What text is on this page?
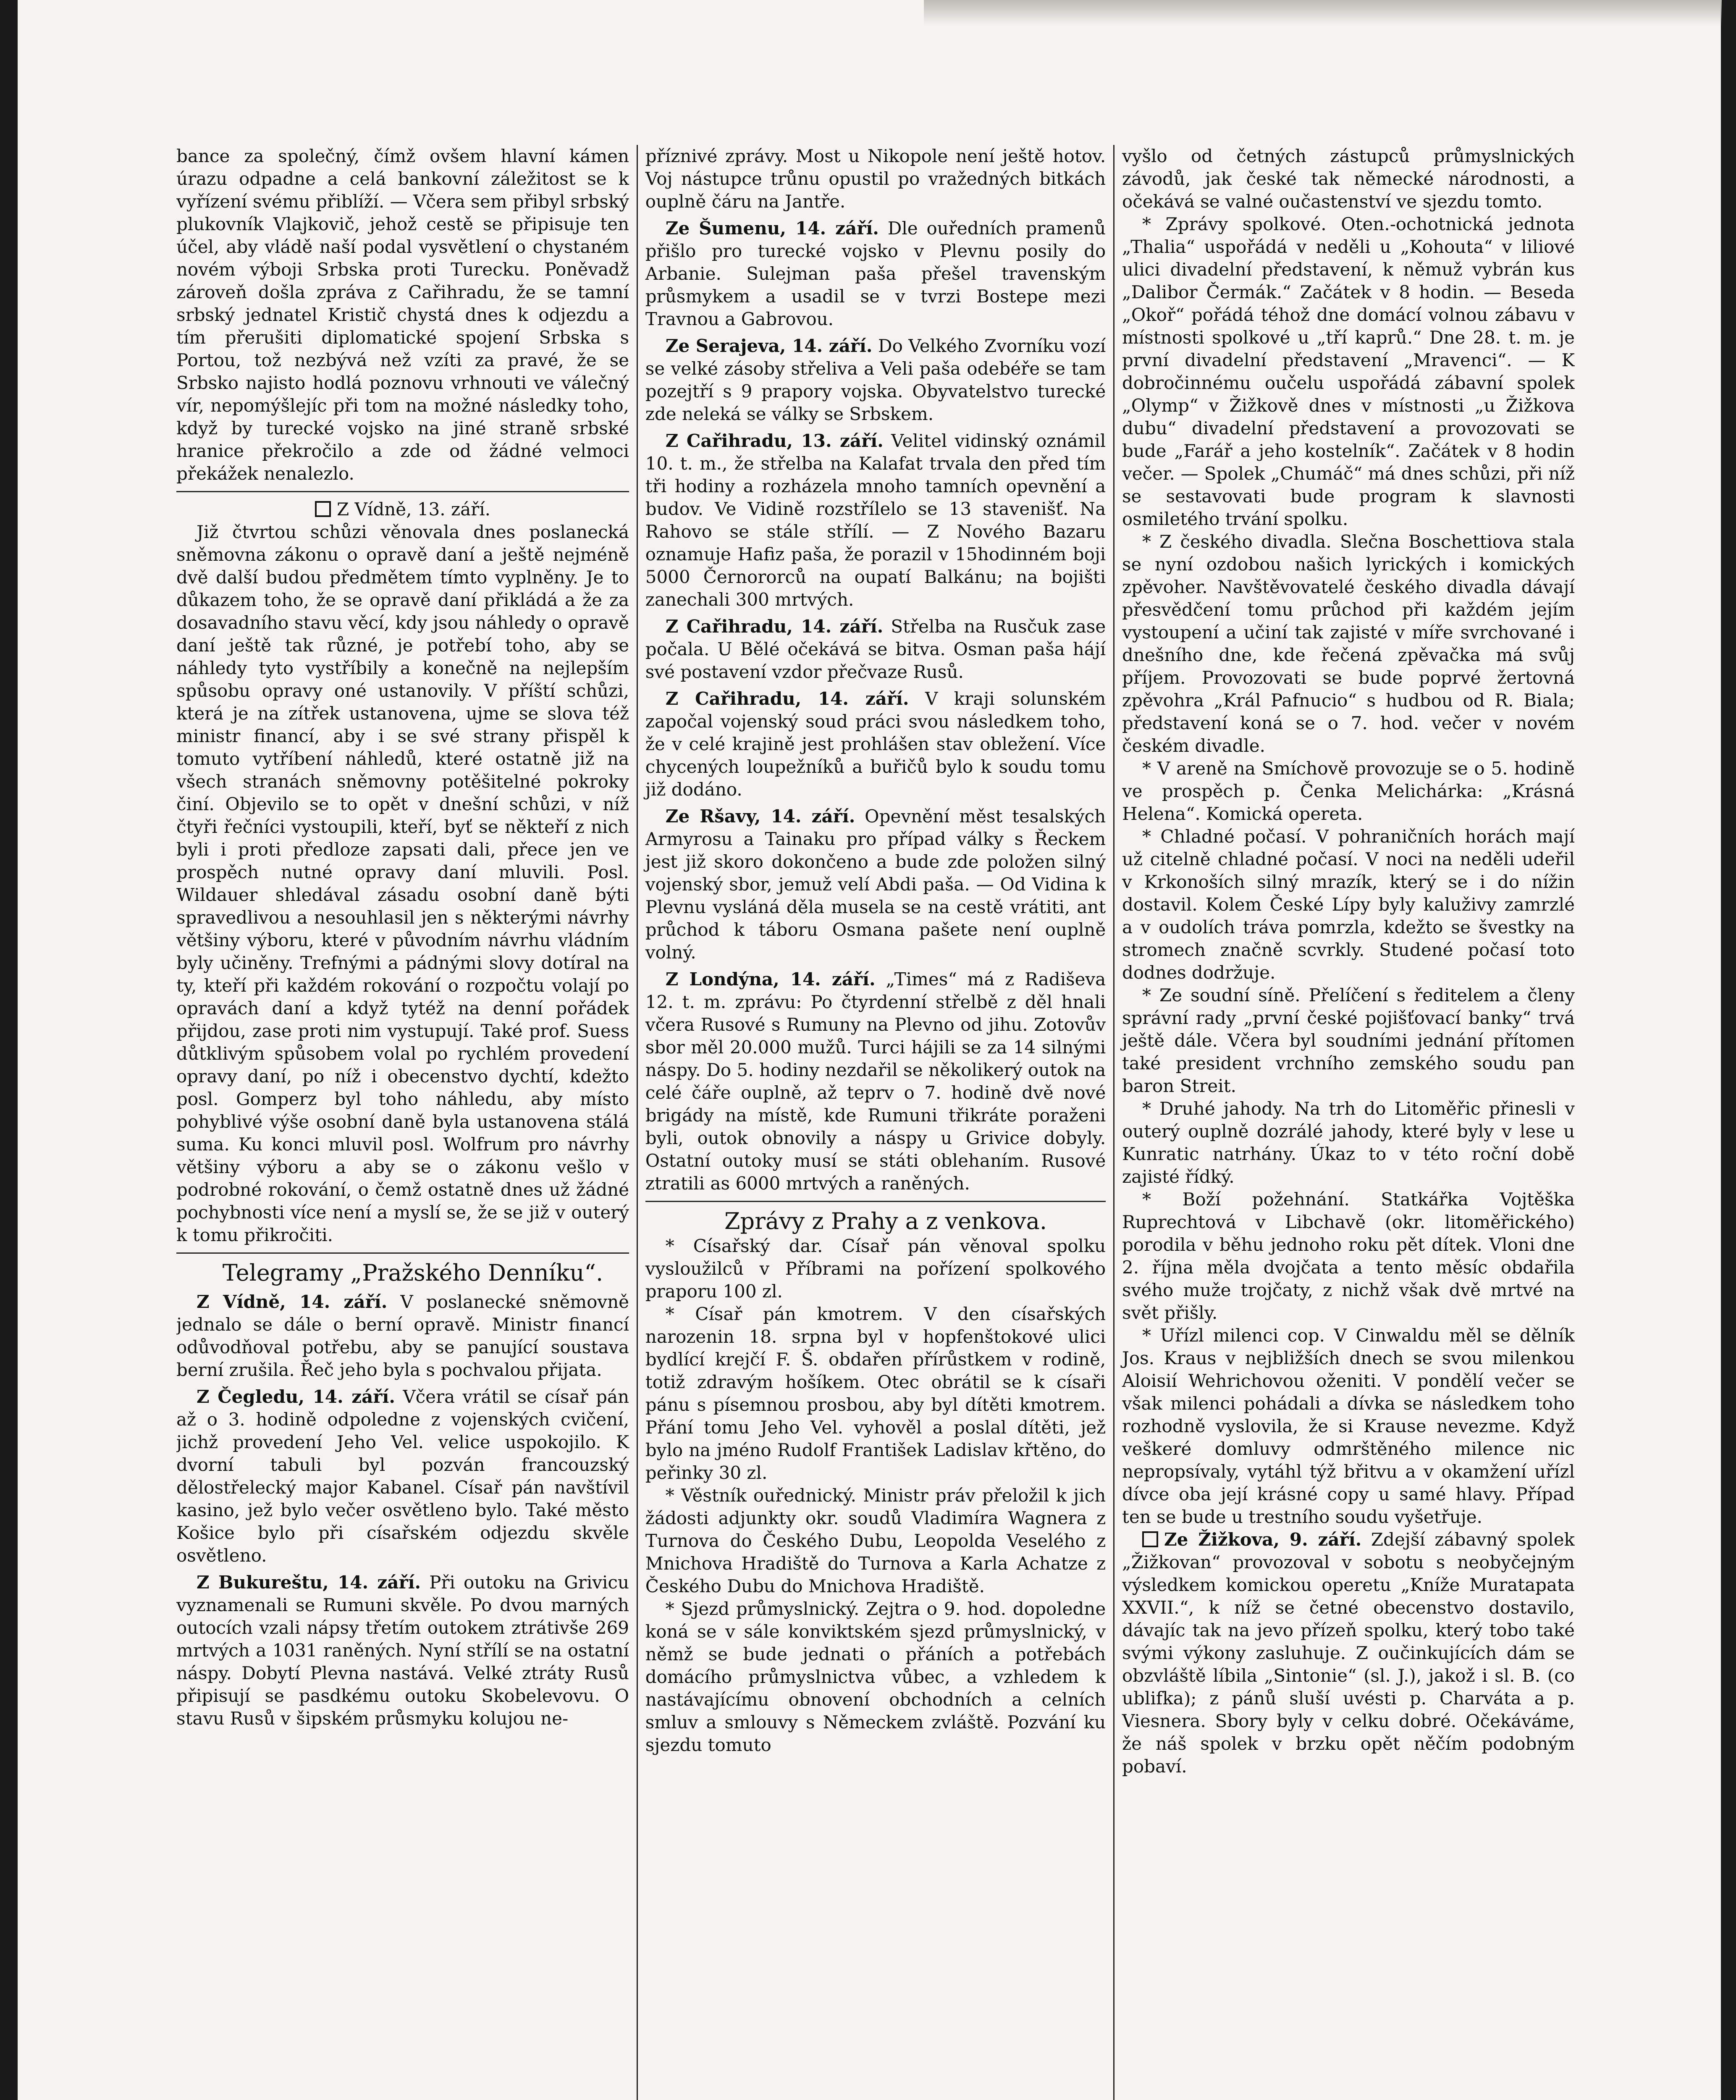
bance za společný, čímž ovšem hlavní kámen úrazu odpadne a celá bankovní záležitost se k vyřízení svému přiblíží. — Včera sem přibyl srbský plukovník Vlajkovič, jehož cestě se připisuje ten účel, aby vládě naší podal vysvětlení o chystaném novém výboji Srbska proti Turecku. Poněvadž zároveň došla zpráva z Cařihradu, že se tamní srbský jednatel Kristič chystá dnes k odjezdu a tím přerušiti diplomatické spojení Srbska s Portou, tož nezbývá než vzíti za pravé, že se Srbsko najisto hodlá poznovu vrhnouti ve válečný vír, nepomýšlejíc při tom na možné následky toho, když by turecké vojsko na jiné straně srbské hranice překročilo a zde od žádné velmoci překážek nenalezlo.

Z Vídně, 13. září.

Již čtvrtou schůzi věnovala dnes poslanecká sněmovna zákonu o opravě daní a ještě nejméně dvě další budou předmětem tímto vyplněny. Je to důkazem toho, že se opravě daní přikládá a že za dosavadního stavu věcí, kdy jsou náhledy o opravě daní ještě tak různé, je potřebí toho, aby se náhledy tyto vystříbily a konečně na nejlepším spůsobu opravy oné ustanovily. V příští schůzi, která je na zítřek ustanovena, ujme se slova též ministr financí, aby i se své strany přispěl k tomuto vytříbení náhledů, které ostatně již na všech stranách sněmovny potěšitelné pokroky činí. Objevilo se to opět v dnešní schůzi, v níž čtyři řečníci vystoupili, kteří, byť se někteří z nich byli i proti předloze zapsati dali, přece jen ve prospěch nutné opravy daní mluvili. Posl. Wildauer shledával zásadu osobní daně býti spravedlivou a nesouhlasil jen s některými návrhy většiny výboru, které v původním návrhu vládním byly učiněny. Trefnými a pádnými slovy dotíral na ty, kteří při každém rokování o rozpočtu volají po opravách daní a když tytéž na denní pořádek přijdou, zase proti nim vystupují. Také prof. Suess důtklivým spůsobem volal po rychlém provedení opravy daní, po níž i obecenstvo dychtí, kdežto posl. Gomperz byl toho náhledu, aby místo pohyblivé výše osobní daně byla ustanovena stálá suma. Ku konci mluvil posl. Wolfrum pro návrhy většiny výboru a aby se o zákonu vešlo v podrobné rokování, o čemž ostatně dnes už žádné pochybnosti více není a myslí se, že se již v outerý k tomu přikročiti.

Telegramy „Pražského Denníku“.

Z Vídně, 14. září. V poslanecké sněmovně jednalo se dále o berní opravě. Ministr financí odůvodňoval potřebu, aby se panující soustava berní zrušila. Řeč jeho byla s pochvalou přijata.

Z Čegledu, 14. září. Včera vrátil se císař pán až o 3. hodině odpoledne z vojenských cvičení, jichž provedení Jeho Vel. velice uspokojilo. K dvorní tabuli byl pozván francouzský dělostřelecký major Kabanel. Císař pán navštívil kasino, jež bylo večer osvětleno bylo. Také město Košice bylo při císařském odjezdu skvěle osvětleno.

Z Bukureštu, 14. září. Při outoku na Grivicu vyznamenali se Rumuni skvěle. Po dvou marných outocích vzali nápsy třetím outokem ztrátivše 269 mrtvých a 1031 raněných. Nyní střílí se na ostatní náspy. Dobytí Plevna nastává. Velké ztráty Rusů připisují se pasdkému outoku Skobelevovu. O stavu Rusů v šipském průsmyku kolujou ne-

příznivé zprávy. Most u Nikopole není ještě hotov. Voj nástupce trůnu opustil po vražedných bitkách ouplně čáru na Jantře.

Ze Šumenu, 14. září. Dle ouředních pramenů přišlo pro turecké vojsko v Plevnu posily do Arbanie. Sulejman paša přešel travenským průsmykem a usadil se v tvrzi Bostepe mezi Travnou a Gabrovou.

Ze Serajeva, 14. září. Do Velkého Zvorníku vozí se velké zásoby střeliva a Veli paša odebéře se tam pozejtří s 9 prapory vojska. Obyvatelstvo turecké zde neleká se války se Srbskem.

Z Cařihradu, 13. září. Velitel vidinský oznámil 10. t. m., že střelba na Kalafat trvala den před tím tři hodiny a rozházela mnoho tamních opevnění a budov. Ve Vidině rozstřílelo se 13 stavenišť. Na Rahovo se stále střílí. — Z Nového Bazaru oznamuje Hafiz paša, že porazil v 15hodinném boji 5000 Černororců na oupatí Balkánu; na bojišti zanechali 300 mrtvých.

Z Cařihradu, 14. září. Střelba na Rusčuk zase počala. U Bělé očekává se bitva. Osman paša hájí své postavení vzdor přečvaze Rusů.

Z Cařihradu, 14. září. V kraji solunském započal vojenský soud práci svou následkem toho, že v celé krajině jest prohlášen stav obležení. Více chycených loupežníků a buřičů bylo k soudu tomu již dodáno.

Ze Ršavy, 14. září. Opevnění měst tesalských Armyrosu a Tainaku pro případ války s Řeckem jest již skoro dokončeno a bude zde položen silný vojenský sbor, jemuž velí Abdi paša. — Od Vidina k Plevnu vysláná děla musela se na cestě vrátiti, ant průchod k táboru Osmana pašete není ouplně volný.

Z Londýna, 14. září. „Times“ má z Radiševa 12. t. m. zprávu: Po čtyrdenní střelbě z děl hnali včera Rusové s Rumuny na Plevno od jihu. Zotovův sbor měl 20.000 mužů. Turci hájili se za 14 silnými náspy. Do 5. hodiny nezdařil se několikerý outok na celé čáře ouplně, až teprv o 7. hodině dvě nové brigády na místě, kde Rumuni třikráte poraženi byli, outok obnovily a náspy u Grivice dobyly. Ostatní outoky musí se státi oblehaním. Rusové ztratili as 6000 mrtvých a raněných.

Zprávy z Prahy a z venkova.

* Císařský dar. Císař pán věnoval spolku vysloužilců v Příbrami na pořízení spolkového praporu 100 zl.

* Císař pán kmotrem. V den císařských narozenin 18. srpna byl v hopfenštokové ulici bydlící krejčí F. Š. obdařen přírůstkem v rodině, totiž zdravým hošíkem. Otec obrátil se k císaři pánu s písemnou prosbou, aby byl dítěti kmotrem. Přání tomu Jeho Vel. vyhověl a poslal dítěti, jež bylo na jméno Rudolf František Ladislav křtěno, do peřinky 30 zl.

* Věstník ouřednický. Ministr práv přeložil k jich žádosti adjunkty okr. soudů Vladimíra Wagnera z Turnova do Českého Dubu, Leopolda Veselého z Mnichova Hradiště do Turnova a Karla Achatze z Českého Dubu do Mnichova Hradiště.

* Sjezd průmyslnický. Zejtra o 9. hod. dopoledne koná se v sále konviktském sjezd průmyslnický, v němž se bude jednati o přáních a potřebách domácího průmyslnictva vůbec, a vzhledem k nastávajícímu obnovení obchodních a celních smluv a smlouvy s Německem zvláště. Pozvání ku sjezdu tomuto

vyšlo od četných zástupců průmyslnických závodů, jak české tak německé národnosti, a očekává se valné oučastenství ve sjezdu tomto.

* Zprávy spolkové. Oten.-ochotnická jednota „Thalia“ uspořádá v neděli u „Kohouta“ v liliové ulici divadelní představení, k němuž vybrán kus „Dalibor Čermák.“ Začátek v 8 hodin. — Beseda „Okoř“ pořádá téhož dne domácí volnou zábavu v místnosti spolkové u „tří kaprů.“ Dne 28. t. m. je první divadelní představení „Mravenci“. — K dobročinnému oučelu uspořádá zábavní spolek „Olymp“ v Žižkově dnes v místnosti „u Žižkova dubu“ divadelní představení a provozovati se bude „Farář a jeho kostelník“. Začátek v 8 hodin večer. — Spolek „Chumáč“ má dnes schůzi, při níž se sestavovati bude program k slavnosti osmiletého trvání spolku.

* Z českého divadla. Slečna Boschettiova stala se nyní ozdobou našich lyrických i komických zpěvoher. Navštěvovatelé českého divadla dávají přesvědčení tomu průchod při každém jejím vystoupení a učiní tak zajisté v míře svrchované i dnešního dne, kde řečená zpěvačka má svůj příjem. Provozovati se bude poprvé žertovná zpěvohra „Král Pafnucio“ s hudbou od R. Biala; představení koná se o 7. hod. večer v novém českém divadle.

* V areně na Smíchově provozuje se o 5. hodině ve prospěch p. Čenka Melichárka: „Krásná Helena“. Komická opereta.

* Chladné počasí. V pohraničních horách mají už citelně chladné počasí. V noci na neděli udeřil v Krkonoších silný mrazík, který se i do nížin dostavil. Kolem České Lípy byly kaluživy zamrzlé a v oudolích tráva pomrzla, kdežto se švestky na stromech značně scvrkly. Studené počasí toto dodnes dodržuje.

* Ze soudní síně. Přelíčení s ředitelem a členy správní rady „první české pojišťovací banky“ trvá ještě dále. Včera byl soudními jednání přítomen také president vrchního zemského soudu pan baron Streit.

* Druhé jahody. Na trh do Litoměřic přinesli v outerý ouplně dozrálé jahody, které byly v lese u Kunratic natrhány. Úkaz to v této roční době zajisté řídký.

* Boží požehnání. Statkářka Vojtěška Ruprechtová v Libchavě (okr. litoměřického) porodila v běhu jednoho roku pět dítek. Vloni dne 2. října měla dvojčata a tento měsíc obdařila svého muže trojčaty, z nichž však dvě mrtvé na svět přišly.

* Uřízl milenci cop. V Cinwaldu měl se dělník Jos. Kraus v nejbližších dnech se svou milenkou Aloisií Wehrichovou oženiti. V pondělí večer se však milenci pohádali a dívka se následkem toho rozhodně vyslovila, že si Krause nevezme. Když veškeré domluvy odmrštěného milence nic nepropsívaly, vytáhl týž břitvu a v okamžení uřízl dívce oba její krásné copy u samé hlavy. Případ ten se bude u trestního soudu vyšetřuje.

Ze Žižkova, 9. září. Zdejší zábavný spolek „Žižkovan“ provozoval v sobotu s neobyčejným výsledkem komickou operetu „Kníže Muratapata XXVII.“, k níž se četné obecenstvo dostavilo, dávajíc tak na jevo přízeň spolku, který tobo také svými výkony zasluhuje. Z oučinkujících dám se obzvláště líbila „Sintonie“ (sl. J.), jakož i sl. B. (co ublifka); z pánů sluší uvésti p. Charváta a p. Viesnera. Sbory byly v celku dobré. Očekáváme, že náš spolek v brzku opět něčím podobným pobaví.
